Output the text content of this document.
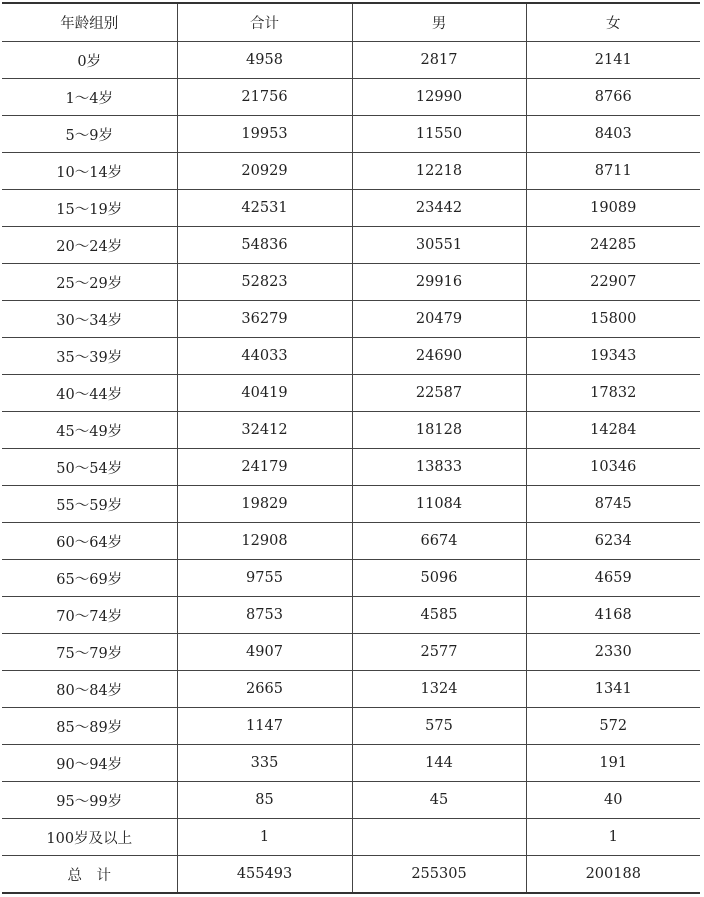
年龄组别	合计	男	女
0岁	4958	2817	2141
1～4岁	21756	12990	8766
5～9岁	19953	11550	8403
10～14岁	20929	12218	8711
15～19岁	42531	23442	19089
20～24岁	54836	30551	24285
25～29岁	52823	29916	22907
30～34岁	36279	20479	15800
35～39岁	44033	24690	19343
40～44岁	40419	22587	17832
45～49岁	32412	18128	14284
50～54岁	24179	13833	10346
55～59岁	19829	11084	8745
60～64岁	12908	6674	6234
65～69岁	9755	5096	4659
70～74岁	8753	4585	4168
75～79岁	4907	2577	2330
80～84岁	2665	1324	1341
85～89岁	1147	575	572
90～94岁	335	144	191
95～99岁	85	45	40
100岁及以上	1		1
总　计	455493	255305	200188
